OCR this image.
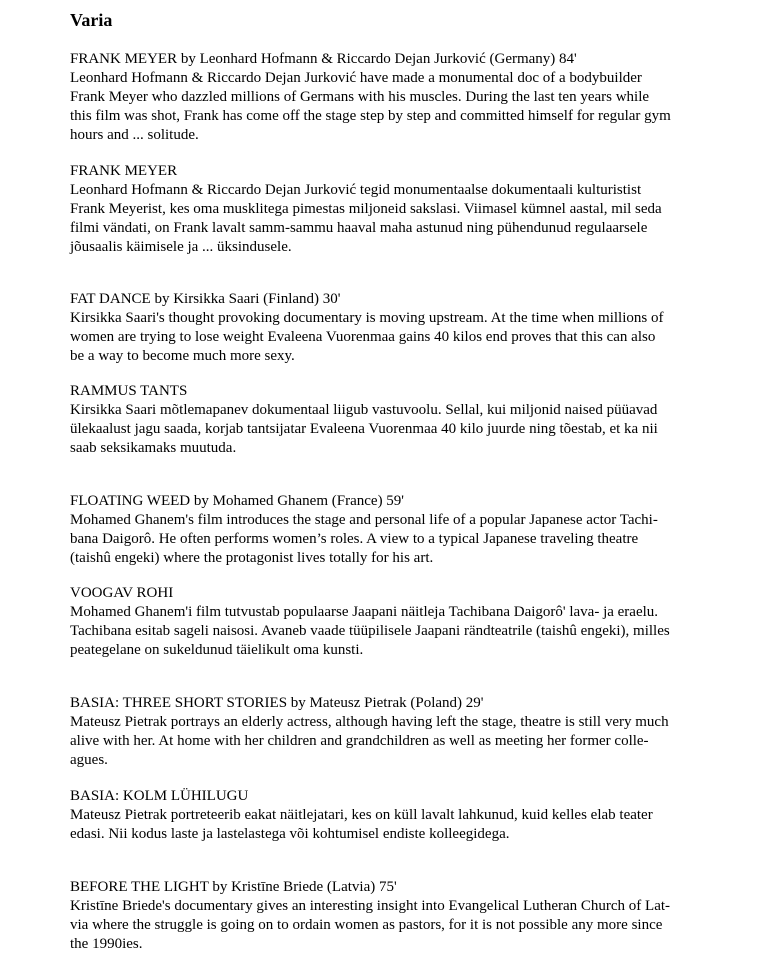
Varia
FRANK MEYER by Leonhard Hofmann & Riccardo Dejan Jurković (Germany) 84'
Leonhard Hofmann & Riccardo Dejan Jurković have made a monumental doc of a bodybuilder
Frank Meyer who dazzled millions of Germans with his muscles. During the last ten years while
this film was shot, Frank has come off the stage step by step and committed himself for regular gym
hours and ... solitude.
FRANK MEYER
Leonhard Hofmann & Riccardo Dejan Jurković tegid monumentaalse dokumentaali kulturistist
Frank Meyerist, kes oma musklitega pimestas miljoneid sakslasi. Viimasel kümnel aastal, mil seda
filmi vändati, on Frank lavalt samm-sammu haaval maha astunud ning pühendunud regulaarsele
jõusaalis käimisele ja ... üksindusele.
FAT DANCE by Kirsikka Saari (Finland) 30'
Kirsikka Saari's thought provoking documentary is moving upstream. At the time when millions of
women are trying to lose weight Evaleena Vuorenmaa gains 40 kilos end proves that this can also
be a way to become much more sexy.
RAMMUS TANTS
Kirsikka Saari mõtlemapanev dokumentaal liigub vastuvoolu. Sellal, kui miljonid naised püüavad
ülekaalust jagu saada, korjab tantsijatar Evaleena Vuorenmaa 40 kilo juurde ning tõestab, et ka nii
saab seksikamaks muutuda.
FLOATING WEED by Mohamed Ghanem (France) 59'
Mohamed Ghanem's film introduces the stage and personal life of a popular Japanese actor Tachi-
bana Daigorô. He often performs women’s roles. A view to a typical Japanese traveling theatre
(taishû engeki) where the protagonist lives totally for his art.
VOOGAV ROHI
Mohamed Ghanem'i film tutvustab populaarse Jaapani näitleja Tachibana Daigorô' lava- ja eraelu.
Tachibana esitab sageli naisosi. Avaneb vaade tüüpilisele Jaapani rändteatrile (taishû engeki), milles
peategelane on sukeldunud täielikult oma kunsti.
BASIA: THREE SHORT STORIES by Mateusz Pietrak (Poland) 29'
Mateusz Pietrak portrays an elderly actress, although having left the stage, theatre is still very much
alive with her. At home with her children and grandchildren as well as meeting her former colle-
agues.
BASIA: KOLM LÜHILUGU
Mateusz Pietrak portreteerib eakat näitlejatari, kes on küll lavalt lahkunud, kuid kelles elab teater
edasi. Nii kodus laste ja lastelastega või kohtumisel endiste kolleegidega.
BEFORE THE LIGHT by Kristīne Briede (Latvia) 75'
Kristīne Briede's documentary gives an interesting insight into Evangelical Lutheran Church of Lat-
via where the struggle is going on to ordain women as pastors, for it is not possible any more since
the 1990ies.
